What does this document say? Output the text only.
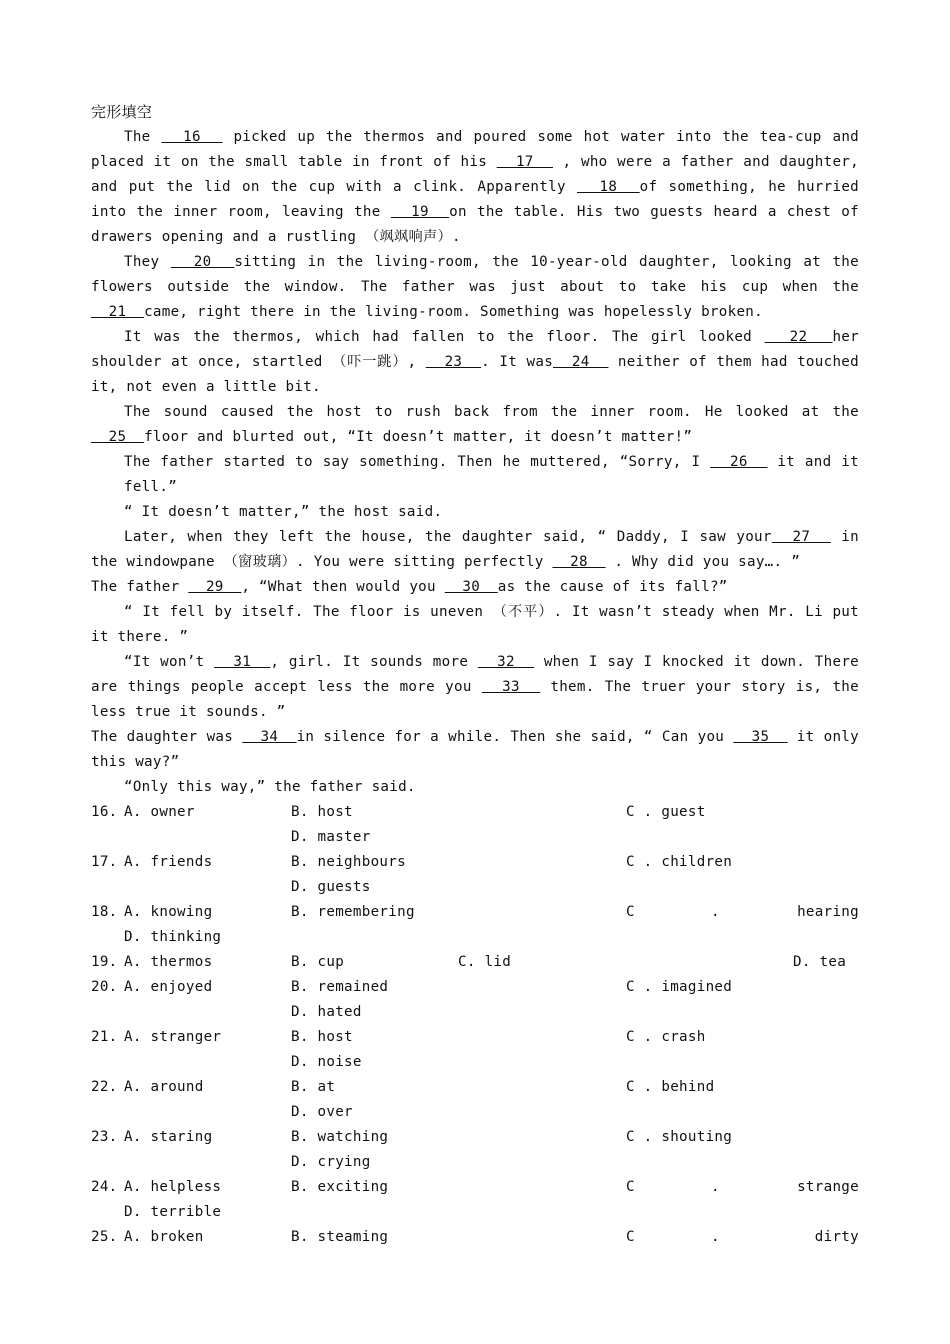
完形填空

The   16   picked up the thermos and poured some hot water into the tea-cup and placed it on the small table in front of his   17   , who were a father and daughter, and put the lid on the cup with a clink. Apparently   18  of something, he hurried into the inner room, leaving the   19  on the table. His two guests heard a chest of drawers opening and a rustling （飒飒响声）.

They   20  sitting in the living-room, the 10-year-old daughter, looking at the flowers outside the window. The father was just about to take his cup when the   21  came, right there in the living-room. Something was hopelessly broken.

It was the thermos, which had fallen to the floor. The girl looked   22  her shoulder at once, startled （吓一跳）,   23  . It was  24   neither of them had touched it, not even a little bit.

The sound caused the host to rush back from the inner room. He looked at the   25  floor and blurted out, “It doesn’t matter, it doesn’t matter!”

The father started to say something. Then he muttered, “Sorry, I   26   it and it fell.”

“ It doesn’t matter,” the host said.

Later, when they left the house, the daughter said, “ Daddy, I saw your  27   in the windowpane （窗玻璃）. You were sitting perfectly   28   . Why did you say…. ”

The father   29  , “What then would you   30  as the cause of its fall?”

“ It fell by itself. The floor is uneven （不平）. It wasn’t steady when Mr. Li put it there. ”

“It won’t   31  , girl. It sounds more   32   when I say I knocked it down. There are things people accept less the more you   33   them. The truer your story is, the less true it sounds. ”

The daughter was   34  in silence for a while. Then she said, “ Can you   35   it only this way?”

“Only this way,” the father said.

16. A. owner	B. host	C . guest
D. master
17. A. friends	B. neighbours	C . children
D. guests
18. A. knowing	B. remembering	C	.	hearing
D. thinking
19. A. thermos	B. cup	C. lid	D. tea
20. A. enjoyed	B. remained	C . imagined
D. hated
21. A. stranger	B. host	C . crash
D. noise
22. A. around	B. at	C . behind
D. over
23. A. staring	B. watching	C . shouting
D. crying
24. A. helpless	B. exciting	C	.	strange
D. terrible
25. A. broken	B. steaming	C	.	dirty
